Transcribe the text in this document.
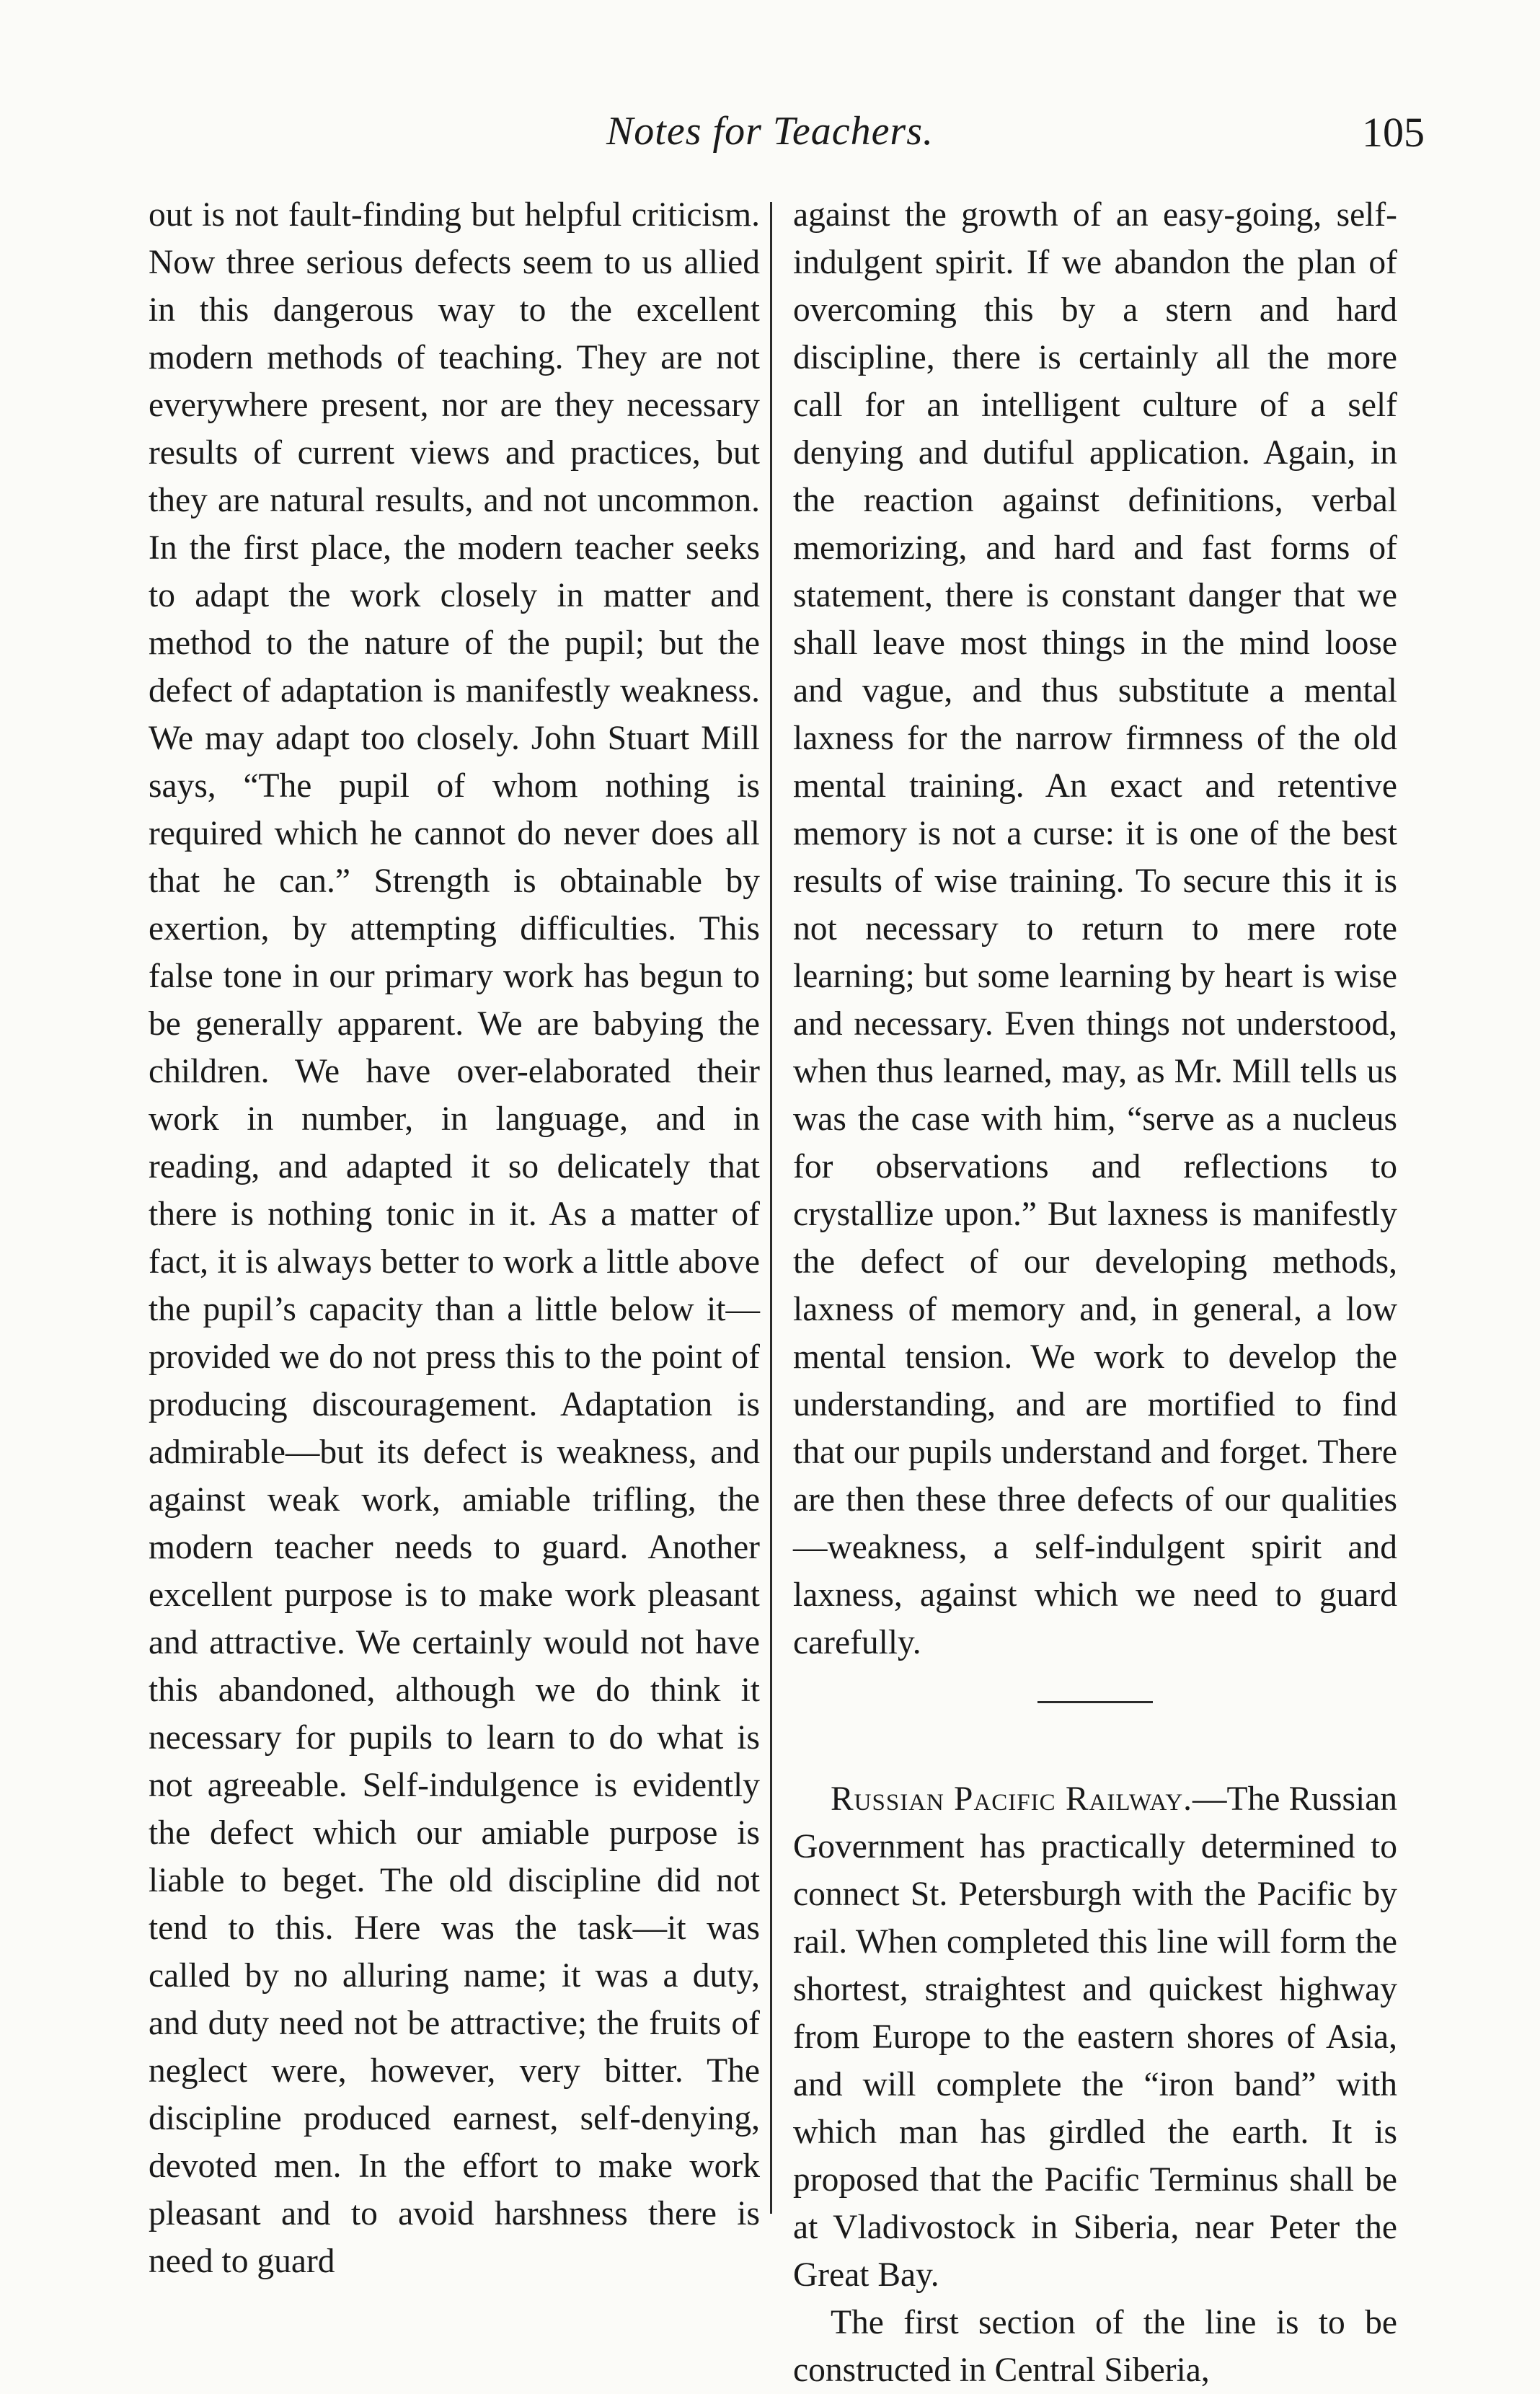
Notes for Teachers.	105

out is not fault-finding but helpful criticism. Now three serious defects seem to us allied in this dangerous way to the excellent modern methods of teaching. They are not everywhere present, nor are they necessary results of current views and practices, but they are natural results, and not uncommon. In the first place, the modern teacher seeks to adapt the work closely in matter and method to the nature of the pupil; but the defect of adaptation is manifestly weakness. We may adapt too closely. John Stuart Mill says, “The pupil of whom nothing is required which he cannot do never does all that he can.” Strength is obtainable by exertion, by attempting difficulties. This false tone in our primary work has begun to be generally apparent. We are babying the children. We have over-elaborated their work in number, in language, and in reading, and adapted it so delicately that there is nothing tonic in it. As a matter of fact, it is always better to work a little above the pupil’s capacity than a little below it—provided we do not press this to the point of producing discouragement. Adaptation is admirable—but its defect is weakness, and against weak work, amiable trifling, the modern teacher needs to guard. Another excellent purpose is to make work pleasant and attractive. We certainly would not have this abandoned, although we do think it necessary for pupils to learn to do what is not agreeable. Self-indulgence is evidently the defect which our amiable purpose is liable to beget. The old discipline did not tend to this. Here was the task—it was called by no alluring name; it was a duty, and duty need not be attractive; the fruits of neglect were, however, very bitter. The discipline produced earnest, self-denying, devoted men. In the effort to make work pleasant and to avoid harshness there is need to guard

against the growth of an easy-going, self-indulgent spirit. If we abandon the plan of overcoming this by a stern and hard discipline, there is certainly all the more call for an intelligent culture of a self denying and dutiful application. Again, in the reaction against definitions, verbal memorizing, and hard and fast forms of statement, there is constant danger that we shall leave most things in the mind loose and vague, and thus substitute a mental laxness for the narrow firmness of the old mental training. An exact and retentive memory is not a curse: it is one of the best results of wise training. To secure this it is not necessary to return to mere rote learning; but some learning by heart is wise and necessary. Even things not understood, when thus learned, may, as Mr. Mill tells us was the case with him, “serve as a nucleus for observations and reflections to crystallize upon.” But laxness is manifestly the defect of our developing methods, laxness of memory and, in general, a low mental tension. We work to develop the understanding, and are mortified to find that our pupils understand and forget. There are then these three defects of our qualities—weakness, a self-indulgent spirit and laxness, against which we need to guard carefully.

Russian Pacific Railway.—The Russian Government has practically determined to connect St. Petersburgh with the Pacific by rail. When completed this line will form the shortest, straightest and quickest highway from Europe to the eastern shores of Asia, and will complete the “iron band” with which man has girdled the earth. It is proposed that the Pacific Terminus shall be at Vladivostock in Siberia, near Peter the Great Bay.

The first section of the line is to be constructed in Central Siberia,
